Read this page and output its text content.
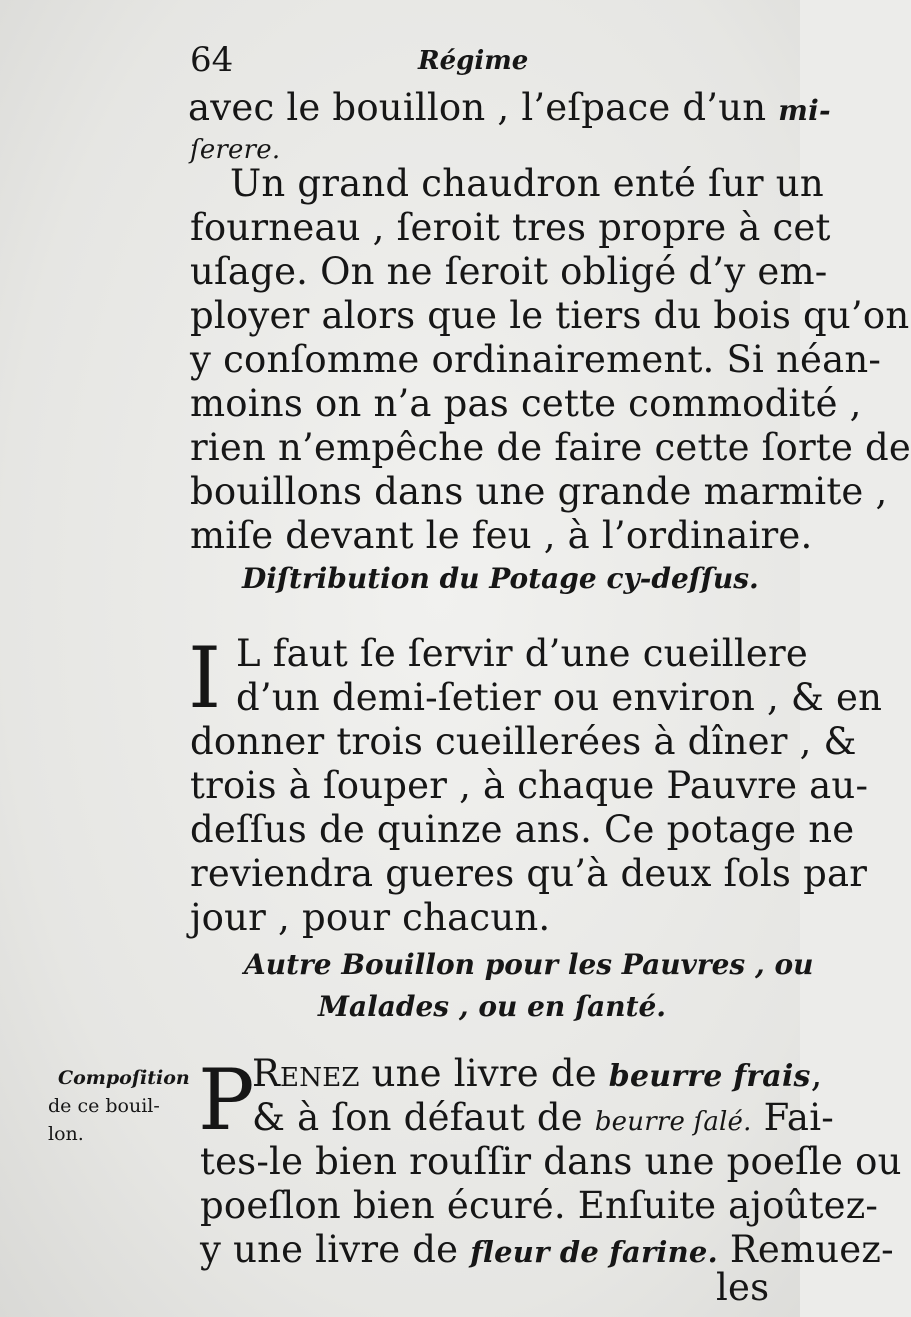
64	Régime
avec le bouillon , l’eſpace d’un mi-
ſerere.
Un grand chaudron enté ſur un
fourneau , ſeroit tres propre à cet
uſage. On ne ſeroit obligé d’y em-
ployer alors que le tiers du bois qu’on
y conſomme ordinairement. Si néan-
moins on n’a pas cette commodité ,
rien n’empêche de faire cette ſorte de
bouillons dans une grande marmite ,
miſe devant le feu , à l’ordinaire.
Diſtribution du Potage cy-deſſus.
I L faut ſe ſervir d’une cueillere
d’un demi-ſetier ou environ , & en
donner trois cueillerées à dîner , &
trois à ſouper , à chaque Pauvre au-
deſſus de quinze ans. Ce potage ne
reviendra gueres qu’à deux ſols par
jour , pour chacun.
Autre Bouillon pour les Pauvres , ou
Malades , ou en ſanté.
Compoſition
de ce bouil-
lon. P
Renez une livre de beurre frais,
& à ſon défaut de beurre ſalé. Fai-
tes-le bien rouſſir dans une poeſle ou
poeſlon bien écuré. Enſuite ajoûtez-
y une livre de fleur de farine. Remuez-
les
